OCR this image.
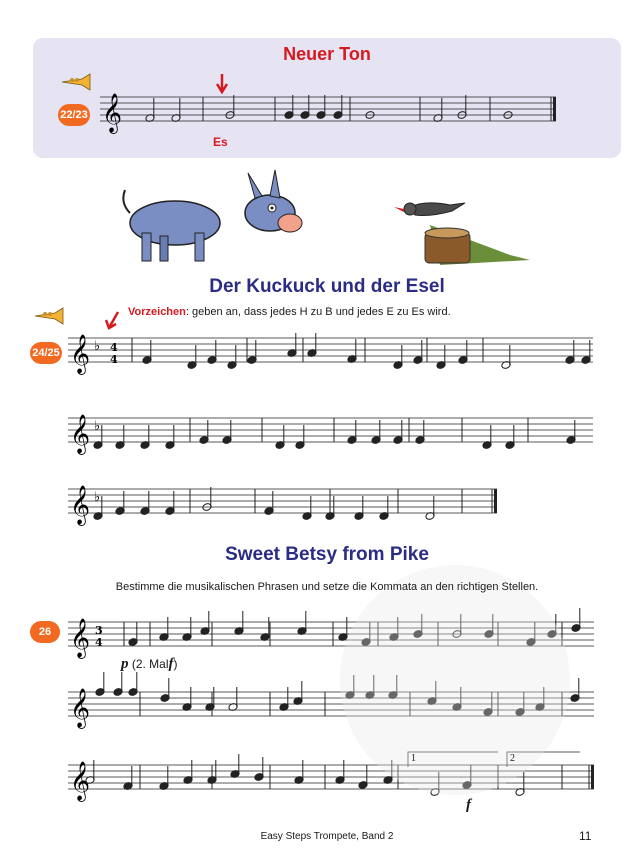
Neuer Ton
22/23 𝄞
𝄞 ♭
𝄞 ♭
𝄞 ♭
4
4
𝄞 3
4
𝄞
𝄞
Es
Der Kuckuck und der Esel
24/25
Vorzeichen: geben an, dass jedes H zu B und jedes E zu Es wird.
Sweet Betsy from Pike
Bestimme die musikalischen Phrasen und setze die Kommata an den richtigen Stellen.
26
p (2. Malf)
1	2
f
Easy Steps Trompete, Band 2	11
